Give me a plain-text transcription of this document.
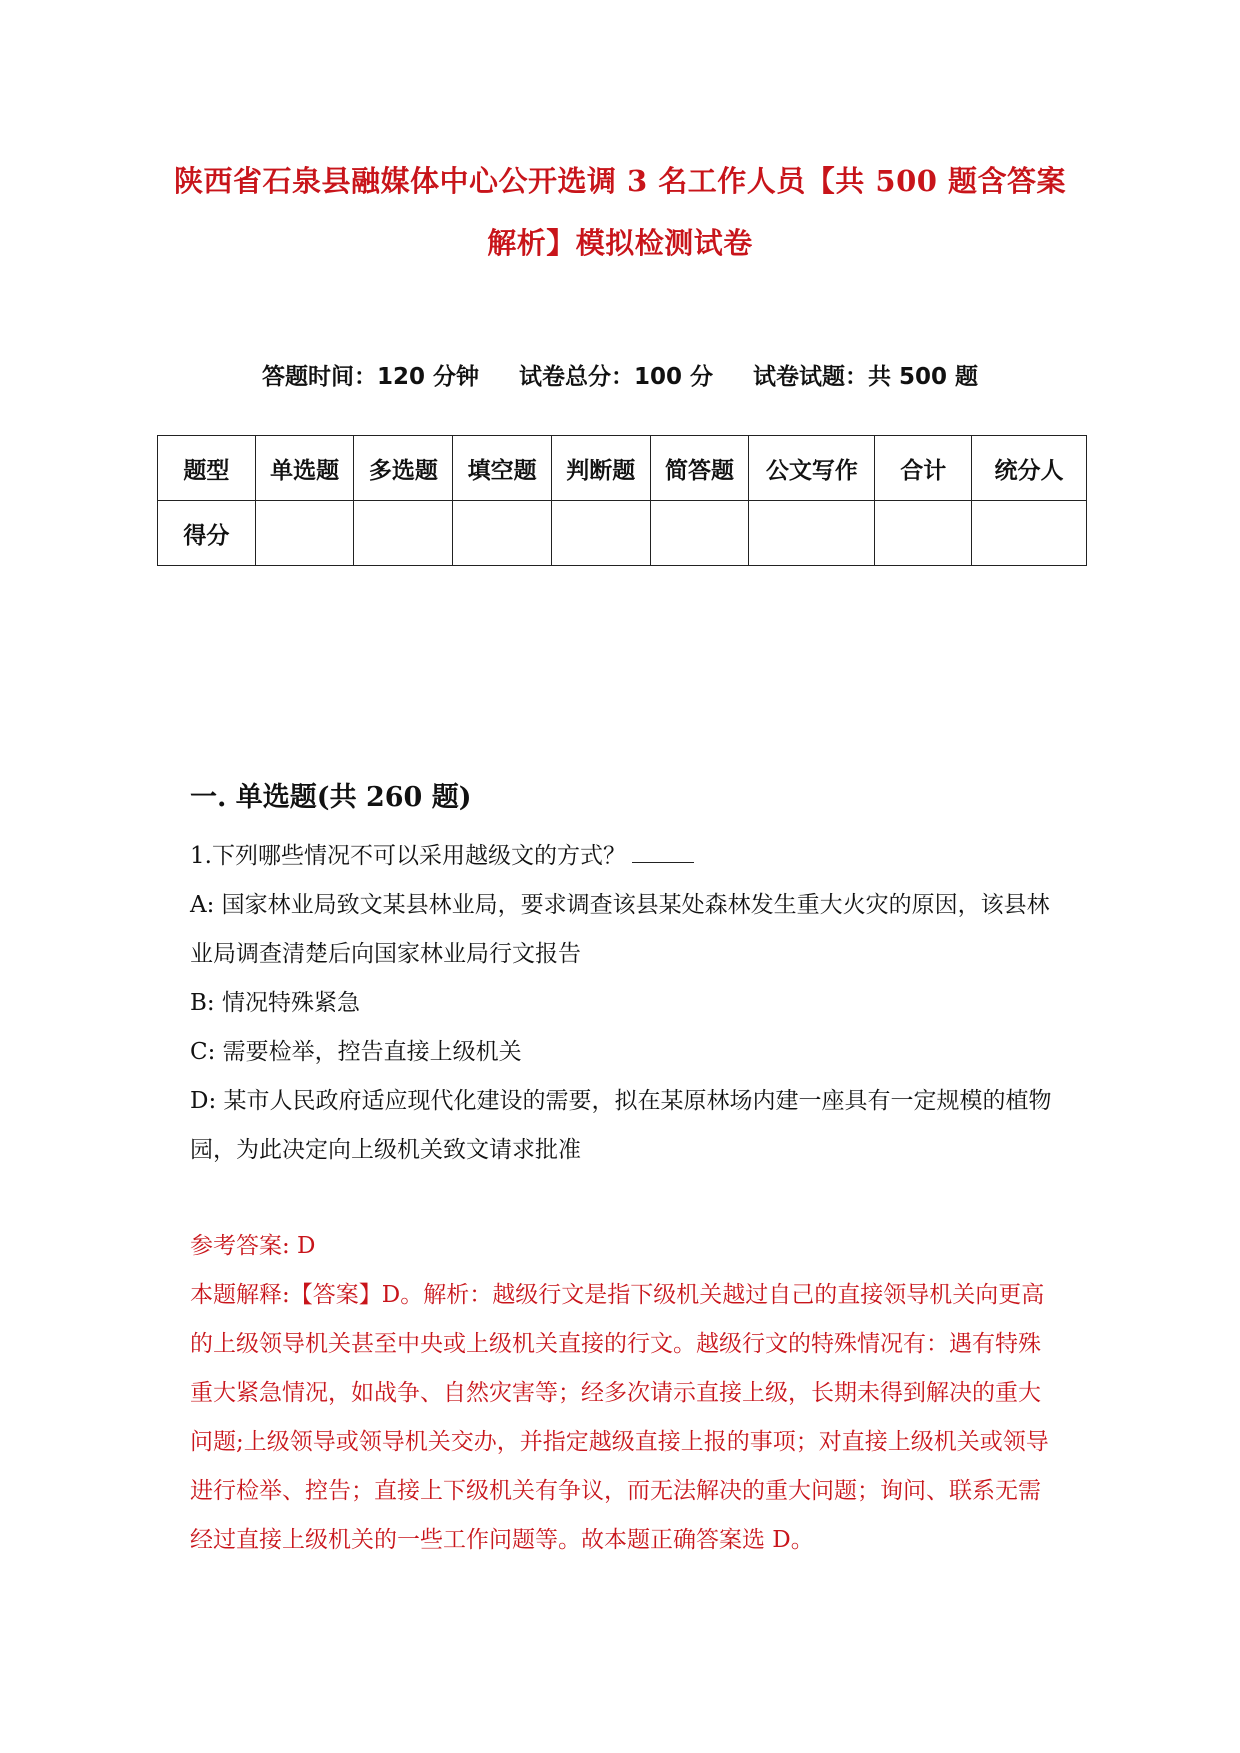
陕西省石泉县融媒体中心公开选调 3 名工作人员【共 500 题含答案
解析】模拟检测试卷
答题时间：120 分钟 试卷总分：100 分 试卷试题：共 500 题
题型	单选题	多选题	填空题	判断题	简答题	公文写作	合计	统分人
得分								
一. 单选题(共 260 题)

1.下列哪些情况不可以采用越级文的方式？

A: 国家林业局致文某县林业局，要求调查该县某处森林发生重大火灾的原因，该县林业局调查清楚后向国家林业局行文报告

B: 情况特殊紧急

C: 需要检举，控告直接上级机关

D: 某市人民政府适应现代化建设的需要，拟在某原林场内建一座具有一定规模的植物园，为此决定向上级机关致文请求批准

参考答案: D

本题解释:【答案】D。解析：越级行文是指下级机关越过自己的直接领导机关向更高的上级领导机关甚至中央或上级机关直接的行文。越级行文的特殊情况有：遇有特殊重大紧急情况，如战争、自然灾害等；经多次请示直接上级，长期未得到解决的重大问题;上级领导或领导机关交办，并指定越级直接上报的事项；对直接上级机关或领导进行检举、控告；直接上下级机关有争议，而无法解决的重大问题；询问、联系无需经过直接上级机关的一些工作问题等。故本题正确答案选 D。
